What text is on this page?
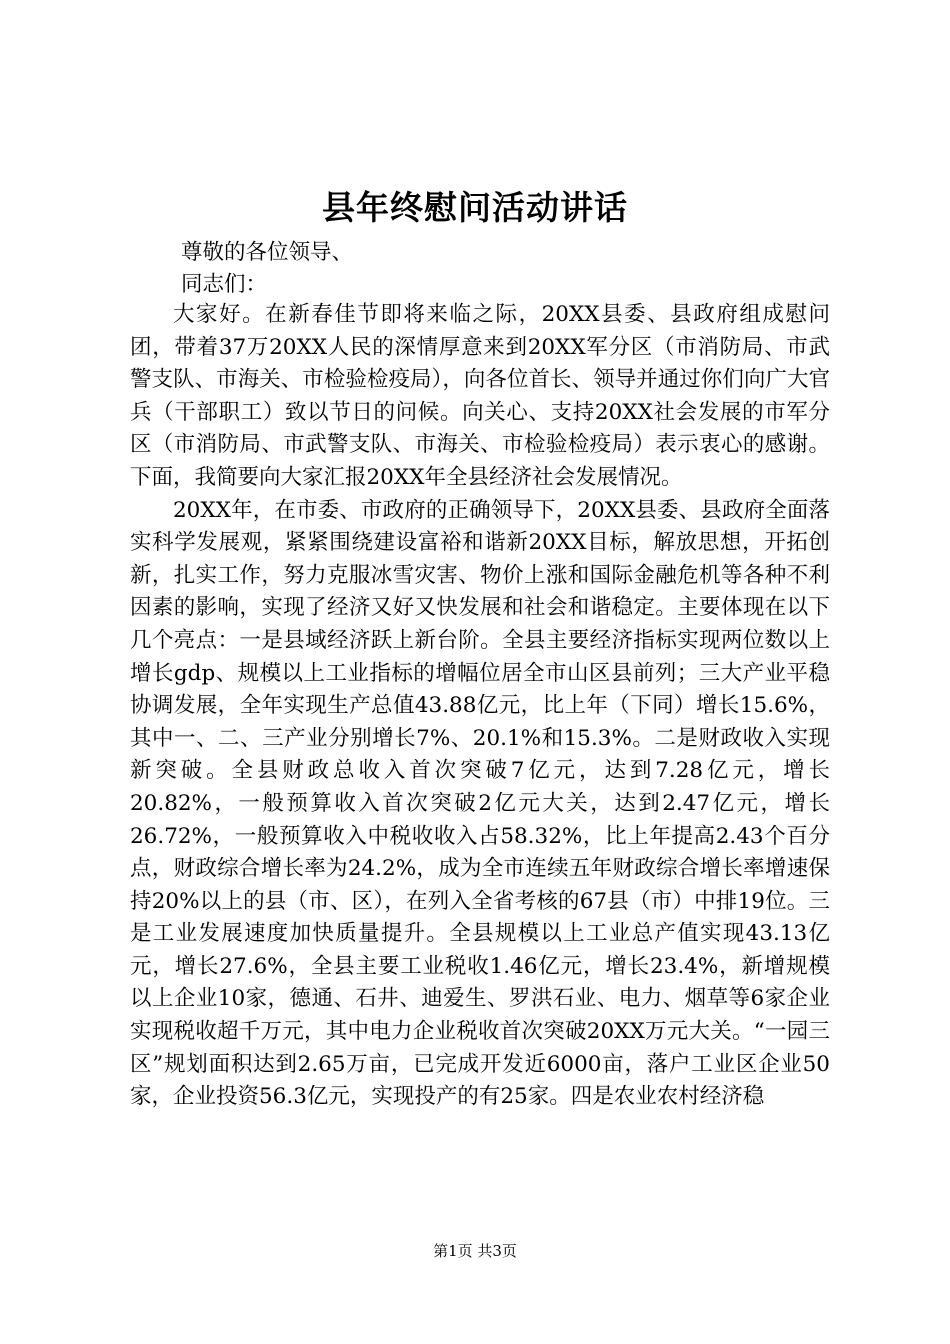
县年终慰问活动讲话
尊敬的各位领导、
同志们：

大家好。在新春佳节即将来临之际，20XX县委、县政府组成慰问团，带着37万20XX人民的深情厚意来到20XX军分区（市消防局、市武警支队、市海关、市检验检疫局），向各位首长、领导并通过你们向广大官兵（干部职工）致以节日的问候。向关心、支持20XX社会发展的市军分区（市消防局、市武警支队、市海关、市检验检疫局）表示衷心的感谢。下面，我简要向大家汇报20XX年全县经济社会发展情况。

20XX年，在市委、市政府的正确领导下，20XX县委、县政府全面落实科学发展观，紧紧围绕建设富裕和谐新20XX目标，解放思想，开拓创新，扎实工作，努力克服冰雪灾害、物价上涨和国际金融危机等各种不利因素的影响，实现了经济又好又快发展和社会和谐稳定。主要体现在以下几个亮点：一是县域经济跃上新台阶。全县主要经济指标实现两位数以上增长gdp、规模以上工业指标的增幅位居全市山区县前列；三大产业平稳协调发展，全年实现生产总值43.88亿元，比上年（下同）增长15.6%，其中一、二、三产业分别增长7%、20.1%和15.3%。二是财政收入实现新突破。全县财政总收入首次突破7亿元，达到7.28亿元，增长20.82%，一般预算收入首次突破2亿元大关，达到2.47亿元，增长26.72%，一般预算收入中税收收入占58.32%，比上年提高2.43个百分点，财政综合增长率为24.2%，成为全市连续五年财政综合增长率增速保持20%以上的县（市、区），在列入全省考核的67县（市）中排19位。三是工业发展速度加快质量提升。全县规模以上工业总产值实现43.13亿元，增长27.6%，全县主要工业税收1.46亿元，增长23.4%，新增规模以上企业10家，德通、石井、迪爱生、罗洪石业、电力、烟草等6家企业实现税收超千万元，其中电力企业税收首次突破20XX万元大关。“一园三区”规划面积达到2.65万亩，已完成开发近6000亩，落户工业区企业50家，企业投资56.3亿元，实现投产的有25家。四是农业农村经济稳

第1页 共3页
